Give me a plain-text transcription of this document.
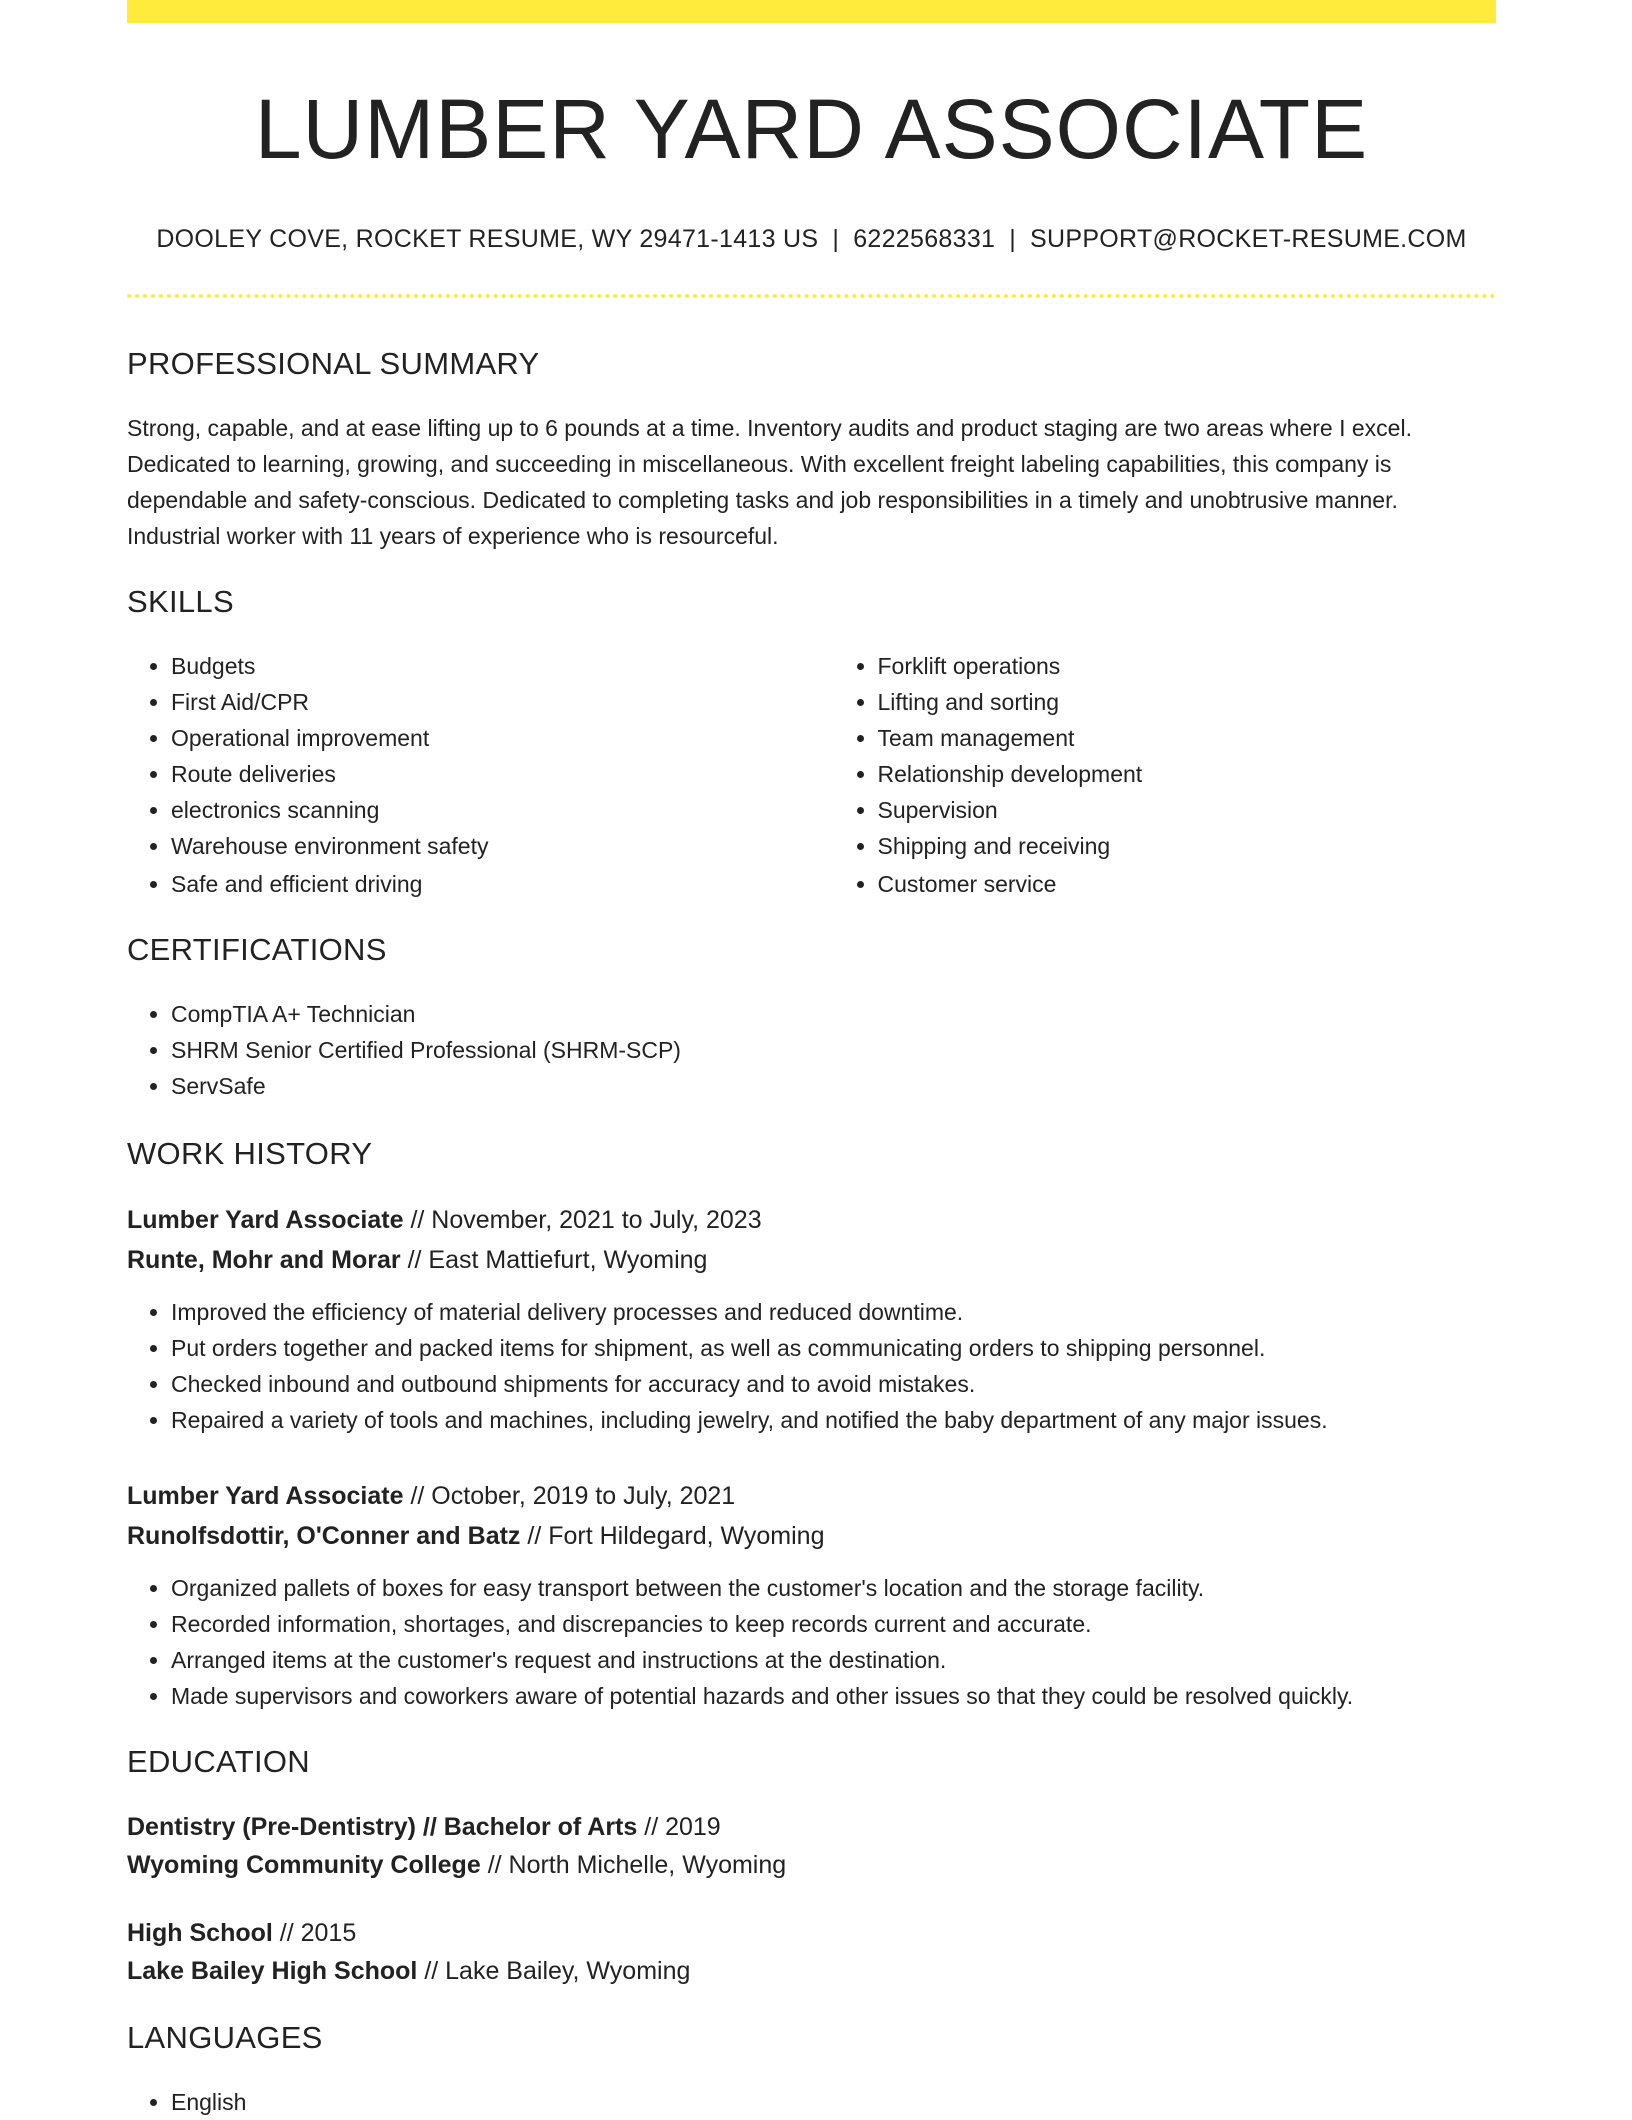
LUMBER YARD ASSOCIATE
DOOLEY COVE, ROCKET RESUME, WY 29471-1413 US | 6222568331 | SUPPORT@ROCKET-RESUME.COM
PROFESSIONAL SUMMARY

Strong, capable, and at ease lifting up to 6 pounds at a time. Inventory audits and product staging are two areas where I excel. Dedicated to learning, growing, and succeeding in miscellaneous. With excellent freight labeling capabilities, this company is dependable and safety-conscious. Dedicated to completing tasks and job responsibilities in a timely and unobtrusive manner. Industrial worker with 11 years of experience who is resourceful.

SKILLS
• Budgets
• First Aid/CPR
• Operational improvement
• Route deliveries
• electronics scanning
• Warehouse environment safety
• Safe and efficient driving
• Forklift operations
• Lifting and sorting
• Team management
• Relationship development
• Supervision
• Shipping and receiving
• Customer service
CERTIFICATIONS
• CompTIA A+ Technician
• SHRM Senior Certified Professional (SHRM-SCP)
• ServSafe
WORK HISTORY
Lumber Yard Associate // November, 2021 to July, 2023
Runte, Mohr and Morar // East Mattiefurt, Wyoming
• Improved the efficiency of material delivery processes and reduced downtime.
• Put orders together and packed items for shipment, as well as communicating orders to shipping personnel.
• Checked inbound and outbound shipments for accuracy and to avoid mistakes.
• Repaired a variety of tools and machines, including jewelry, and notified the baby department of any major issues.
Lumber Yard Associate // October, 2019 to July, 2021
Runolfsdottir, O'Conner and Batz // Fort Hildegard, Wyoming
• Organized pallets of boxes for easy transport between the customer's location and the storage facility.
• Recorded information, shortages, and discrepancies to keep records current and accurate.
• Arranged items at the customer's request and instructions at the destination.
• Made supervisors and coworkers aware of potential hazards and other issues so that they could be resolved quickly.
EDUCATION
Dentistry (Pre-Dentistry) // Bachelor of Arts // 2019
Wyoming Community College // North Michelle, Wyoming
High School // 2015
Lake Bailey High School // Lake Bailey, Wyoming
LANGUAGES
• English
